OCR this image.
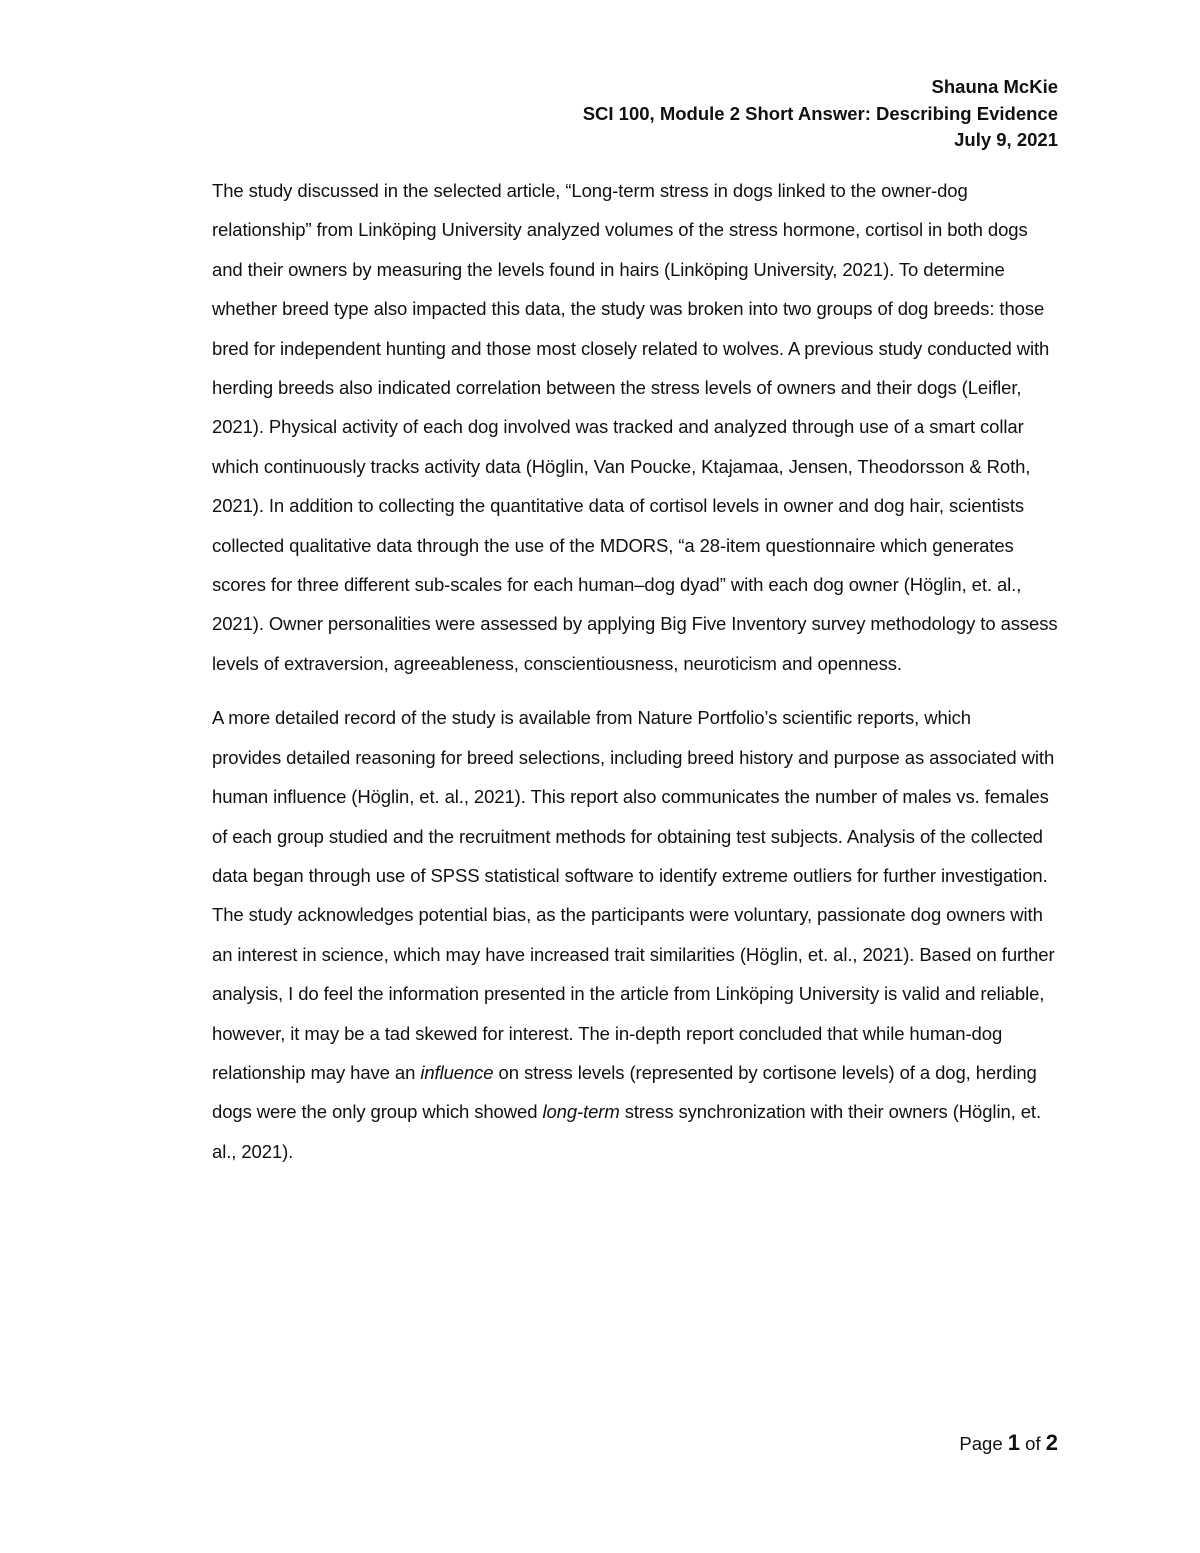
Shauna McKie
SCI 100, Module 2 Short Answer: Describing Evidence
July 9, 2021

The study discussed in the selected article, “Long-term stress in dogs linked to the owner-dog
relationship” from Linköping University analyzed volumes of the stress hormone, cortisol in both dogs
and their owners by measuring the levels found in hairs (Linköping University, 2021). To determine
whether breed type also impacted this data, the study was broken into two groups of dog breeds: those
bred for independent hunting and those most closely related to wolves. A previous study conducted with
herding breeds also indicated correlation between the stress levels of owners and their dogs (Leifler,
2021). Physical activity of each dog involved was tracked and analyzed through use of a smart collar
which continuously tracks activity data (Höglin, Van Poucke, Ktajamaa, Jensen, Theodorsson & Roth,
2021). In addition to collecting the quantitative data of cortisol levels in owner and dog hair, scientists
collected qualitative data through the use of the MDORS, “a 28-item questionnaire which generates
scores for three different sub-scales for each human–dog dyad” with each dog owner (Höglin, et. al.,
2021). Owner personalities were assessed by applying Big Five Inventory survey methodology to assess
levels of extraversion, agreeableness, conscientiousness, neuroticism and openness.

A more detailed record of the study is available from Nature Portfolio’s scientific reports, which
provides detailed reasoning for breed selections, including breed history and purpose as associated with
human influence (Höglin, et. al., 2021). This report also communicates the number of males vs. females
of each group studied and the recruitment methods for obtaining test subjects. Analysis of the collected
data began through use of SPSS statistical software to identify extreme outliers for further investigation.
The study acknowledges potential bias, as the participants were voluntary, passionate dog owners with
an interest in science, which may have increased trait similarities (Höglin, et. al., 2021). Based on further
analysis, I do feel the information presented in the article from Linköping University is valid and reliable,
however, it may be a tad skewed for interest. The in-depth report concluded that while human-dog
relationship may have an influence on stress levels (represented by cortisone levels) of a dog, herding
dogs were the only group which showed long-term stress synchronization with their owners (Höglin, et.
al., 2021).

Page 1 of 2
